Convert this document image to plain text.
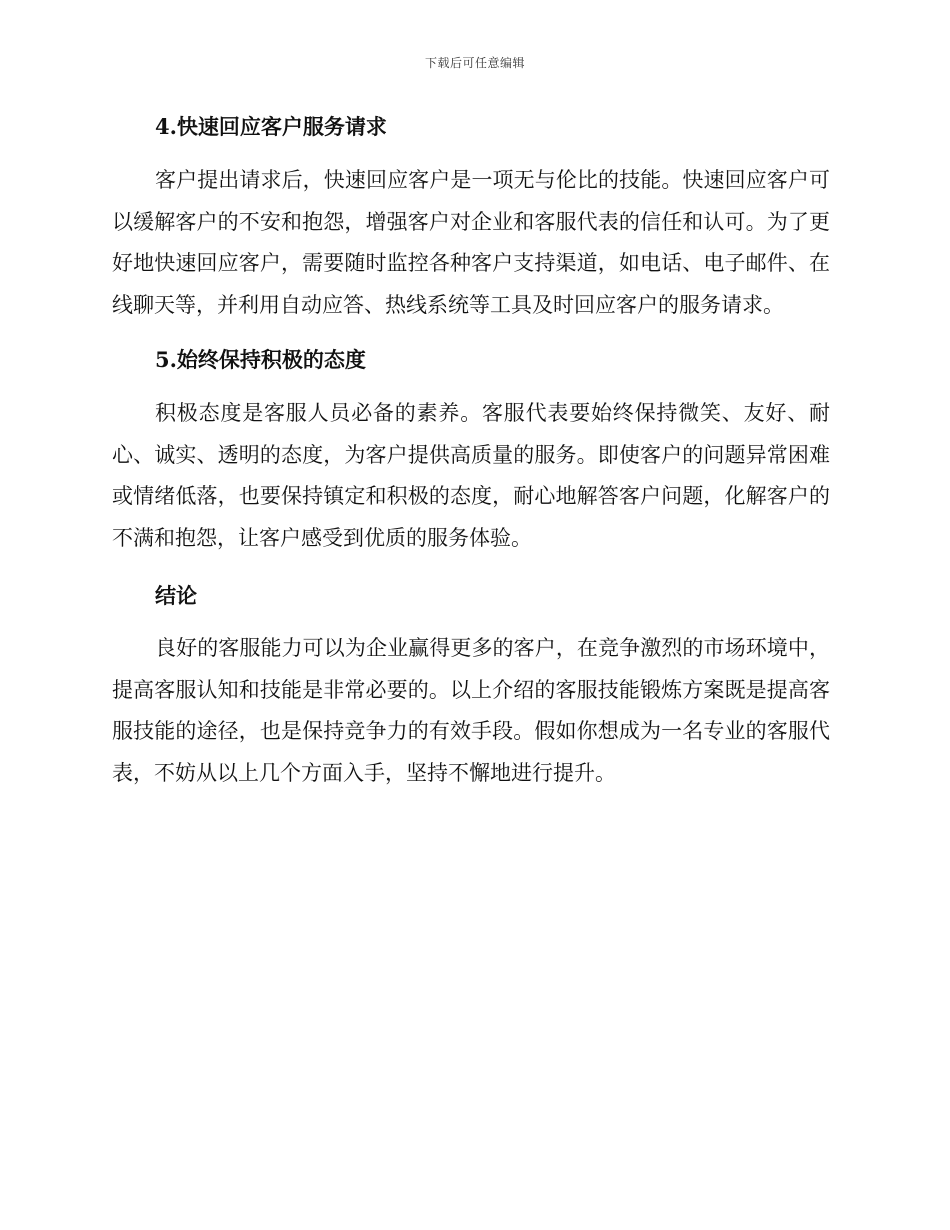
下载后可任意编辑
4.快速回应客户服务请求

客户提出请求后，快速回应客户是一项无与伦比的技能。快速回应客户可以缓解客户的不安和抱怨，增强客户对企业和客服代表的信任和认可。为了更好地快速回应客户，需要随时监控各种客户支持渠道，如电话、电子邮件、在线聊天等，并利用自动应答、热线系统等工具及时回应客户的服务请求。

5.始终保持积极的态度

积极态度是客服人员必备的素养。客服代表要始终保持微笑、友好、耐心、诚实、透明的态度，为客户提供高质量的服务。即使客户的问题异常困难或情绪低落，也要保持镇定和积极的态度，耐心地解答客户问题，化解客户的不满和抱怨，让客户感受到优质的服务体验。

结论

良好的客服能力可以为企业赢得更多的客户，在竞争激烈的市场环境中，提高客服认知和技能是非常必要的。以上介绍的客服技能锻炼方案既是提高客服技能的途径，也是保持竞争力的有效手段。假如你想成为一名专业的客服代表，不妨从以上几个方面入手，坚持不懈地进行提升。
